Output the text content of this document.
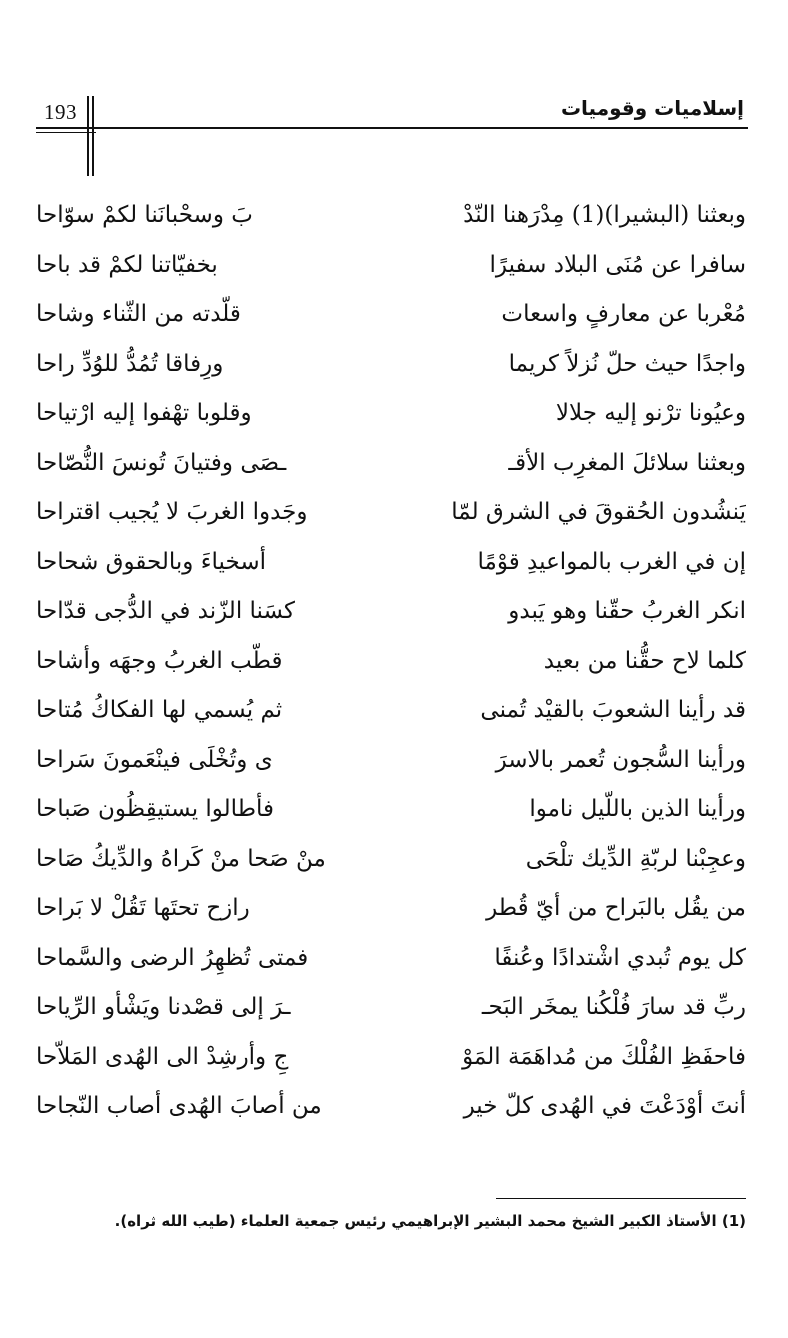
193	إسلاميات وقوميات
وبعثنا (البشيرا)(1) مِدْرَهنا النّدْ
بَ وسحْبانَنا لكمْ سوّاحا
سافرا عن مُنَى البلاد سفيرًا
بخفيّاتنا لكمْ قد باحا
مُعْربا عن معارفٍ واسعات
قلّدته من الثّناء وشاحا
واجدًا حيث حلّ نُزلاً كريما
ورِفاقا تُمُدُّ للوُدِّ راحا
وعيُونا ترْنو إليه جلالا
وقلوبا تهْفوا إليه ارْتياحا
وبعثنا سلائلَ المغرِب الأقـ
ـصَى وفتيانَ تُونسَ النُّصّاحا
يَنشُدون الحُقوقَ في الشرق لمّا
وجَدوا الغربَ لا يُجيب اقتراحا
إن في الغرب بالمواعيدِ قوْمًا
أسخياءَ وبالحقوق شحاحا
انكر الغربُ حقّنا وهو يَبدو
كسَنا الزّند في الدُّجى قدّاحا
كلما لاح حقُّنا من بعيد
قطّب الغربُ وجهَه وأشاحا
قد رأينا الشعوبَ بالقيْد تُمنى
ثم يُسمي لها الفكاكُ مُتاحا
ورأينا السُّجون تُعمر بالاسرَ
ى وتُخْلَى فينْعَمونَ سَراحا
ورأينا الذين باللّيل ناموا
فأطالوا يستيقِظُون صَباحا
وعجِبْنا لربّةِ الدِّيك تلْحَى
منْ صَحا منْ كَراهُ والدِّيكُ صَاحا
من يقُل بالبَراح من أيّ قُطر
رازح تحتَها تَقُلْ لا بَراحا
كل يوم تُبدي اشْتدادًا وعُنفًا
فمتى تُظهِرُ الرضى والسَّماحا
ربِّ قد سارَ فُلْكُنا يمخَر البَحـ
ـرَ إلى قصْدنا ويَشْأو الرِّياحا
فاحفَظِ الفُلْكَ من مُداهَمَة المَوْ
جِ وأرشِدْ الى الهُدى المَلاّحا
أنتَ أوْدَعْتَ في الهُدى كلّ خير
من أصابَ الهُدى أصاب النّجاحا
(1) الأستاذ الكبير الشيخ محمد البشير الإبراهيمي رئيس جمعية العلماء (طيب الله ثراه).
